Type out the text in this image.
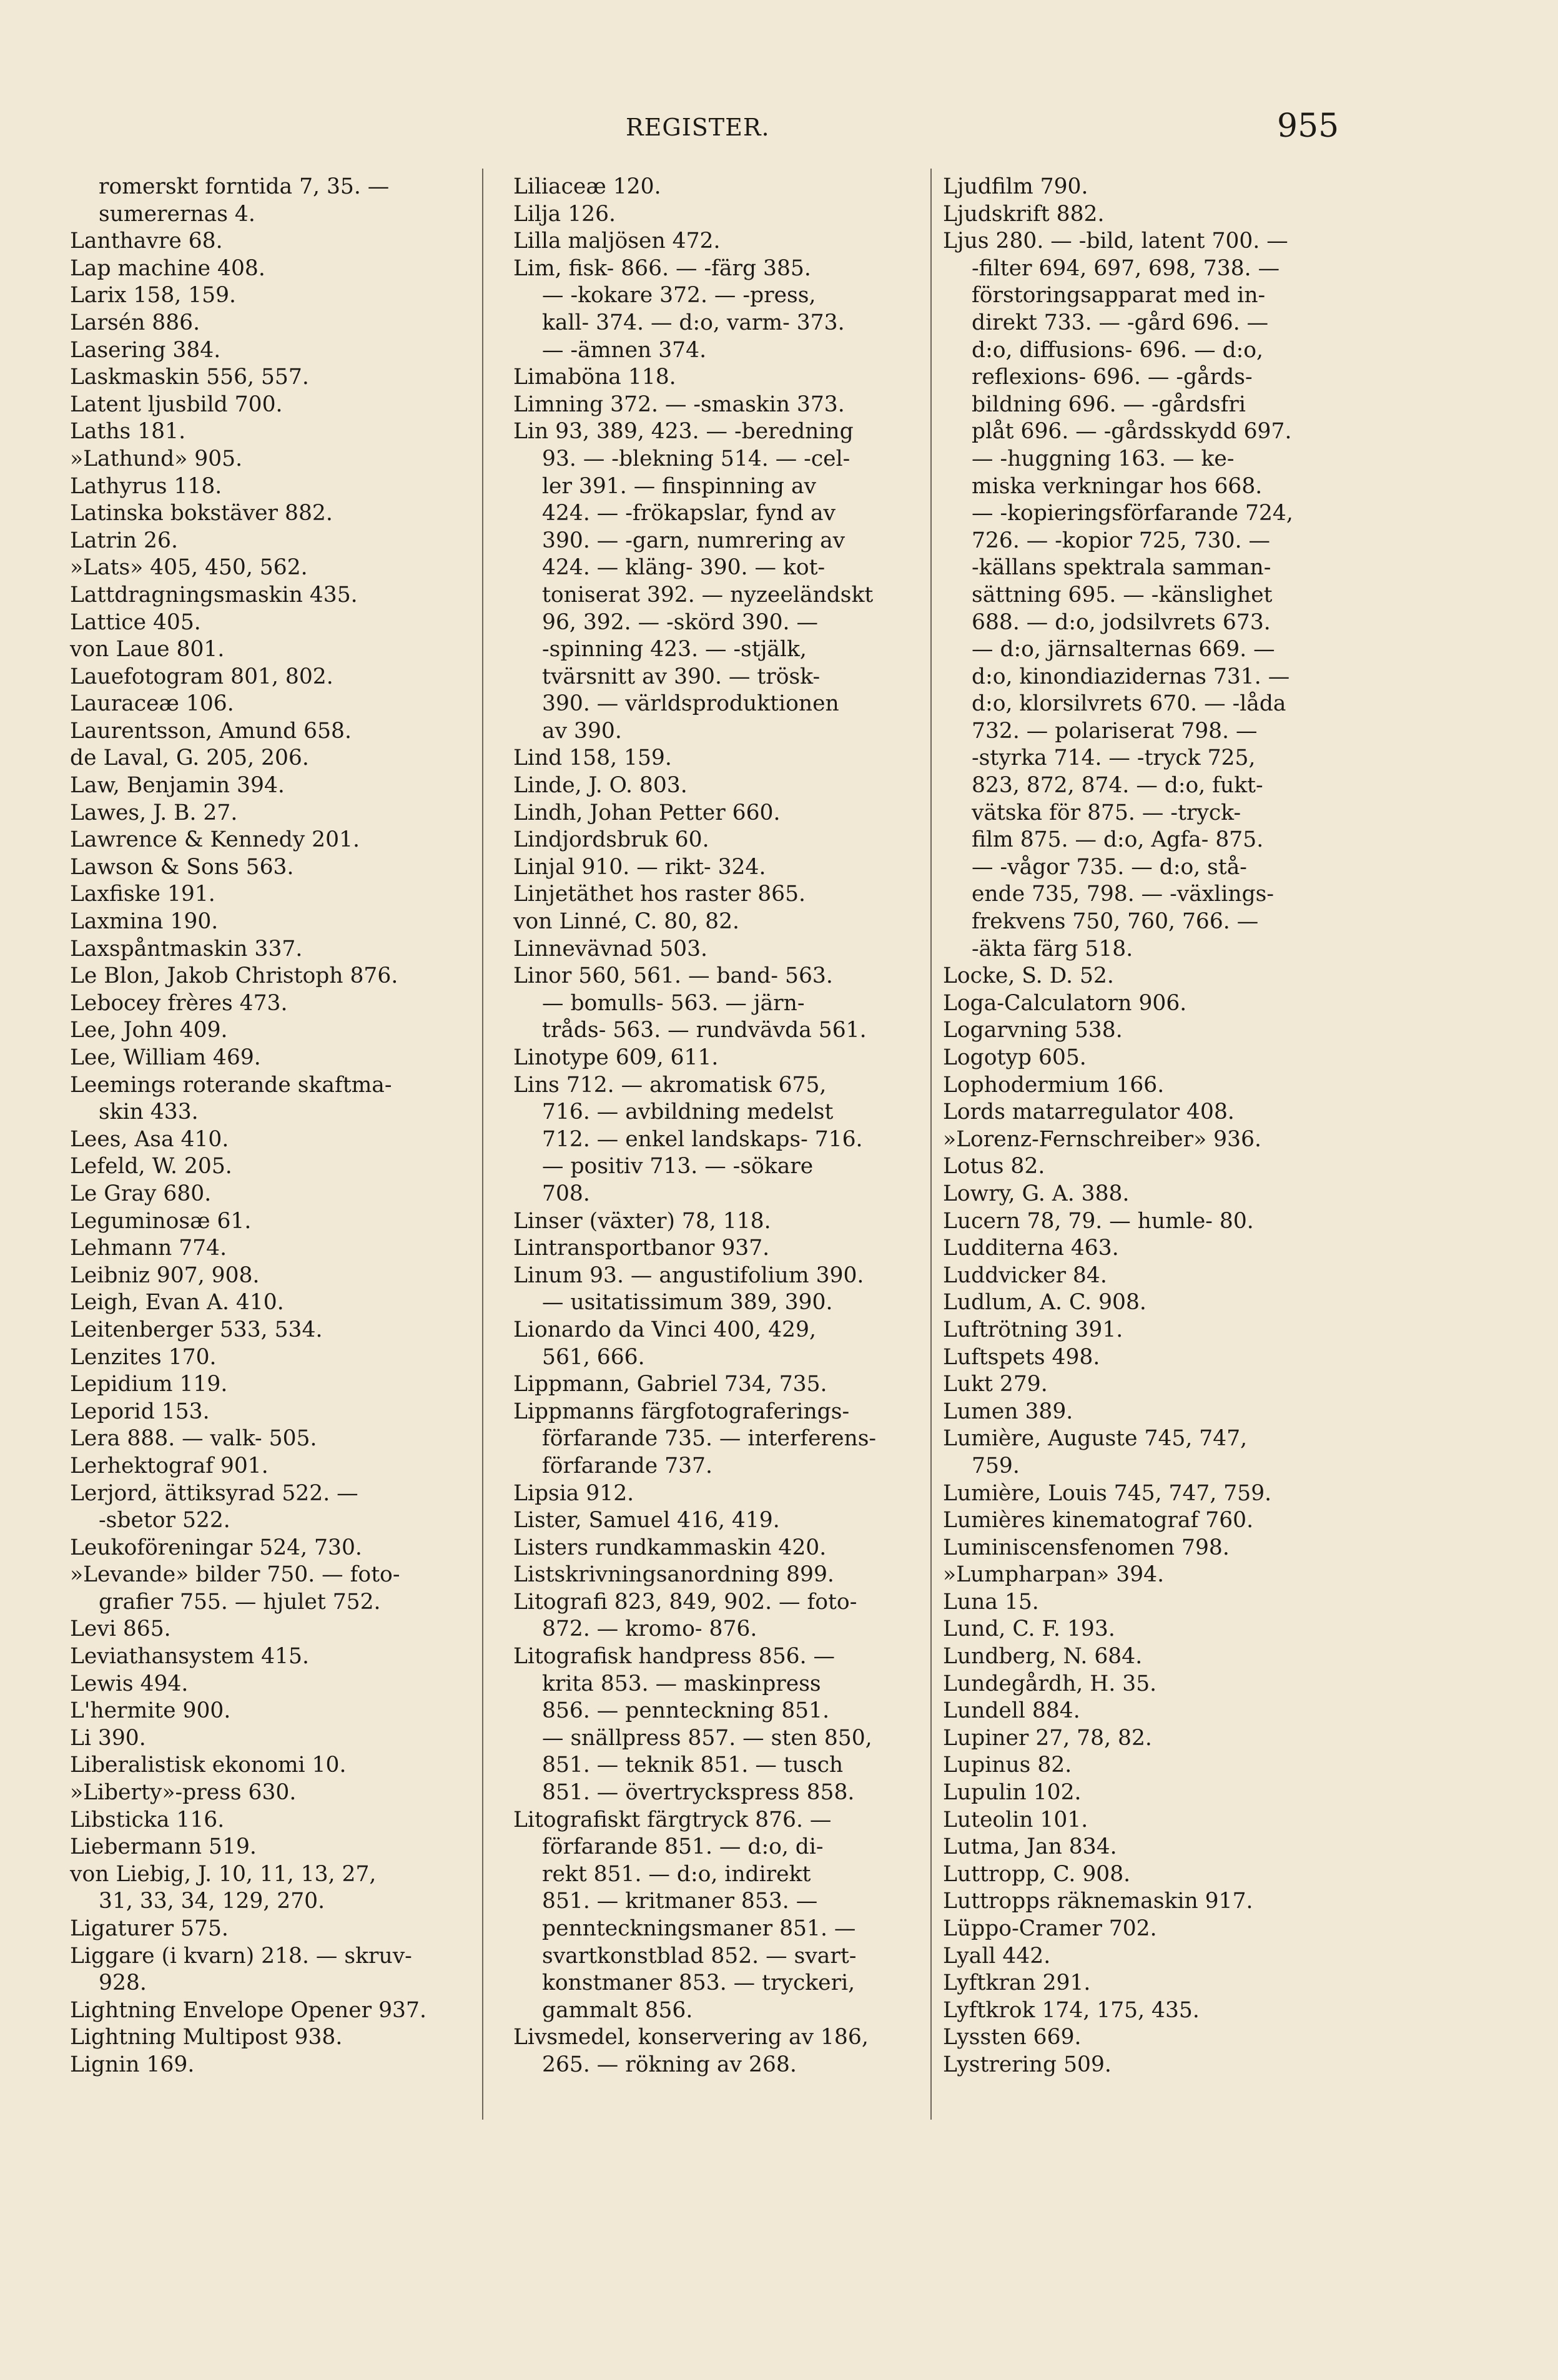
REGISTER.	955
romerskt forntida 7, 35. —
sumerernas 4.
Lanthavre 68.
Lap machine 408.
Larix 158, 159.
Larsén 886.
Lasering 384.
Laskmaskin 556, 557.
Latent ljusbild 700.
Laths 181.
»Lathund» 905.
Lathyrus 118.
Latinska bokstäver 882.
Latrin 26.
»Lats» 405, 450, 562.
Lattdragningsmaskin 435.
Lattice 405.
von Laue 801.
Lauefotogram 801, 802.
Lauraceæ 106.
Laurentsson, Amund 658.
de Laval, G. 205, 206.
Law, Benjamin 394.
Lawes, J. B. 27.
Lawrence & Kennedy 201.
Lawson & Sons 563.
Laxfiske 191.
Laxmina 190.
Laxspåntmaskin 337.
Le Blon, Jakob Christoph 876.
Lebocey frères 473.
Lee, John 409.
Lee, William 469.
Leemings roterande skaftma-
skin 433.
Lees, Asa 410.
Lefeld, W. 205.
Le Gray 680.
Leguminosæ 61.
Lehmann 774.
Leibniz 907, 908.
Leigh, Evan A. 410.
Leitenberger 533, 534.
Lenzites 170.
Lepidium 119.
Leporid 153.
Lera 888. — valk- 505.
Lerhektograf 901.
Lerjord, ättiksyrad 522. —
-sbetor 522.
Leukoföreningar 524, 730.
»Levande» bilder 750. — foto-
grafier 755. — hjulet 752.
Levi 865.
Leviathansystem 415.
Lewis 494.
L'hermite 900.
Li 390.
Liberalistisk ekonomi 10.
»Liberty»-press 630.
Libsticka 116.
Liebermann 519.
von Liebig, J. 10, 11, 13, 27,
31, 33, 34, 129, 270.
Ligaturer 575.
Liggare (i kvarn) 218. — skruv-
928.
Lightning Envelope Opener 937.
Lightning Multipost 938.
Lignin 169.
Liliaceæ 120.
Lilja 126.
Lilla maljösen 472.
Lim, fisk- 866. — -färg 385.
— -kokare 372. — -press,
kall- 374. — d:o, varm- 373.
— -ämnen 374.
Limaböna 118.
Limning 372. — -smaskin 373.
Lin 93, 389, 423. — -beredning
93. — -blekning 514. — -cel-
ler 391. — finspinning av
424. — -frökapslar, fynd av
390. — -garn, numrering av
424. — kläng- 390. — kot-
toniserat 392. — nyzeeländskt
96, 392. — -skörd 390. —
-spinning 423. — -stjälk,
tvärsnitt av 390. — trösk-
390. — världsproduktionen
av 390.
Lind 158, 159.
Linde, J. O. 803.
Lindh, Johan Petter 660.
Lindjordsbruk 60.
Linjal 910. — rikt- 324.
Linjetäthet hos raster 865.
von Linné, C. 80, 82.
Linnevävnad 503.
Linor 560, 561. — band- 563.
— bomulls- 563. — järn-
tråds- 563. — rundvävda 561.
Linotype 609, 611.
Lins 712. — akromatisk 675,
716. — avbildning medelst
712. — enkel landskaps- 716.
— positiv 713. — -sökare
708.
Linser (växter) 78, 118.
Lintransportbanor 937.
Linum 93. — angustifolium 390.
— usitatissimum 389, 390.
Lionardo da Vinci 400, 429,
561, 666.
Lippmann, Gabriel 734, 735.
Lippmanns färgfotograferings-
förfarande 735. — interferens-
förfarande 737.
Lipsia 912.
Lister, Samuel 416, 419.
Listers rundkammaskin 420.
Listskrivningsanordning 899.
Litografi 823, 849, 902. — foto-
872. — kromo- 876.
Litografisk handpress 856. —
krita 853. — maskinpress
856. — pennteckning 851.
— snällpress 857. — sten 850,
851. — teknik 851. — tusch
851. — övertryckspress 858.
Litografiskt färgtryck 876. —
förfarande 851. — d:o, di-
rekt 851. — d:o, indirekt
851. — kritmaner 853. —
pennteckningsmaner 851. —
svartkonstblad 852. — svart-
konstmaner 853. — tryckeri,
gammalt 856.
Livsmedel, konservering av 186,
265. — rökning av 268.
Ljudfilm 790.
Ljudskrift 882.
Ljus 280. — -bild, latent 700. —
-filter 694, 697, 698, 738. —
förstoringsapparat med in-
direkt 733. — -gård 696. —
d:o, diffusions- 696. — d:o,
reflexions- 696. — -gårds-
bildning 696. — -gårdsfri
plåt 696. — -gårdsskydd 697.
— -huggning 163. — ke-
miska verkningar hos 668.
— -kopieringsförfarande 724,
726. — -kopior 725, 730. —
-källans spektrala samman-
sättning 695. — -känslighet
688. — d:o, jodsilvrets 673.
— d:o, järnsalternas 669. —
d:o, kinondiazidernas 731. —
d:o, klorsilvrets 670. — -låda
732. — polariserat 798. —
-styrka 714. — -tryck 725,
823, 872, 874. — d:o, fukt-
vätska för 875. — -tryck-
film 875. — d:o, Agfa- 875.
— -vågor 735. — d:o, stå-
ende 735, 798. — -växlings-
frekvens 750, 760, 766. —
-äkta färg 518.
Locke, S. D. 52.
Loga-Calculatorn 906.
Logarvning 538.
Logotyp 605.
Lophodermium 166.
Lords matarregulator 408.
»Lorenz-Fernschreiber» 936.
Lotus 82.
Lowry, G. A. 388.
Lucern 78, 79. — humle- 80.
Ludditerna 463.
Luddvicker 84.
Ludlum, A. C. 908.
Luftrötning 391.
Luftspets 498.
Lukt 279.
Lumen 389.
Lumière, Auguste 745, 747,
759.
Lumière, Louis 745, 747, 759.
Lumières kinematograf 760.
Luminiscensfenomen 798.
»Lumpharpan» 394.
Luna 15.
Lund, C. F. 193.
Lundberg, N. 684.
Lundegårdh, H. 35.
Lundell 884.
Lupiner 27, 78, 82.
Lupinus 82.
Lupulin 102.
Luteolin 101.
Lutma, Jan 834.
Luttropp, C. 908.
Luttropps räknemaskin 917.
Lüppo-Cramer 702.
Lyall 442.
Lyftkran 291.
Lyftkrok 174, 175, 435.
Lyssten 669.
Lystrering 509.
